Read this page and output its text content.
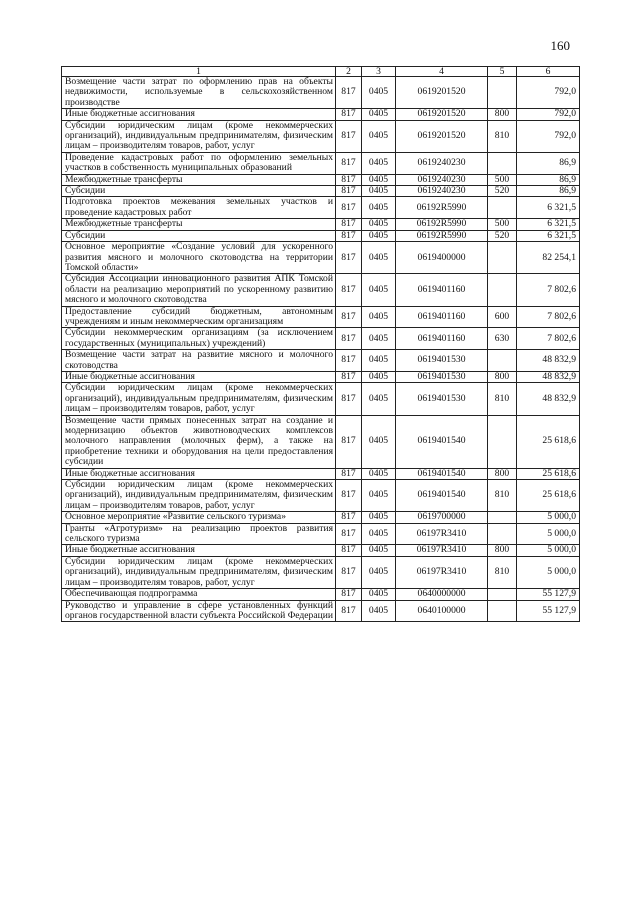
160
1	2	3	4	5	6
Возмещение части затрат по оформлению прав на объекты недвижимости, используемые в сельскохозяйственном производстве	817	0405	0619201520		792,0
Иные бюджетные ассигнования	817	0405	0619201520	800	792,0
Субсидии юридическим лицам (кроме некоммерческих организаций), индивидуальным предпринимателям, физическим лицам – производителям товаров, работ, услуг	817	0405	0619201520	810	792,0
Проведение кадастровых работ по оформлению земельных участков в собственность муниципальных образований	817	0405	0619240230		86,9
Межбюджетные трансферты	817	0405	0619240230	500	86,9
Субсидии	817	0405	0619240230	520	86,9
Подготовка проектов межевания земельных участков и проведение кадастровых работ	817	0405	06192R5990		6 321,5
Межбюджетные трансферты	817	0405	06192R5990	500	6 321,5
Субсидии	817	0405	06192R5990	520	6 321,5
Основное мероприятие «Создание условий для ускоренного развития мясного и молочного скотоводства на территории Томской области»	817	0405	0619400000		82 254,1
Субсидия Ассоциации инновационного развития АПК Томской области на реализацию мероприятий по ускоренному развитию мясного и молочного скотоводства	817	0405	0619401160		7 802,6
Предоставление субсидий бюджетным, автономным учреждениям и иным некоммерческим организациям	817	0405	0619401160	600	7 802,6
Субсидии некоммерческим организациям (за исключением государственных (муниципальных) учреждений)	817	0405	0619401160	630	7 802,6
Возмещение части затрат на развитие мясного и молочного скотоводства	817	0405	0619401530		48 832,9
Иные бюджетные ассигнования	817	0405	0619401530	800	48 832,9
Субсидии юридическим лицам (кроме некоммерческих организаций), индивидуальным предпринимателям, физическим лицам – производителям товаров, работ, услуг	817	0405	0619401530	810	48 832,9
Возмещение части прямых понесенных затрат на создание и модернизацию объектов животноводческих комплексов молочного направления (молочных ферм), а также на приобретение техники и оборудования на цели предоставления субсидии	817	0405	0619401540		25 618,6
Иные бюджетные ассигнования	817	0405	0619401540	800	25 618,6
Субсидии юридическим лицам (кроме некоммерческих организаций), индивидуальным предпринимателям, физическим лицам – производителям товаров, работ, услуг	817	0405	0619401540	810	25 618,6
Основное мероприятие «Развитие сельского туризма»	817	0405	0619700000		5 000,0
Гранты «Агротуризм» на реализацию проектов развития сельского туризма	817	0405	06197R3410		5 000,0
Иные бюджетные ассигнования	817	0405	06197R3410	800	5 000,0
Субсидии юридическим лицам (кроме некоммерческих организаций), индивидуальным предпринимателям, физическим лицам – производителям товаров, работ, услуг	817	0405	06197R3410	810	5 000,0
Обеспечивающая подпрограмма	817	0405	0640000000		55 127,9
Руководство и управление в сфере установленных функций органов государственной власти субъекта Российской Федерации	817	0405	0640100000		55 127,9
